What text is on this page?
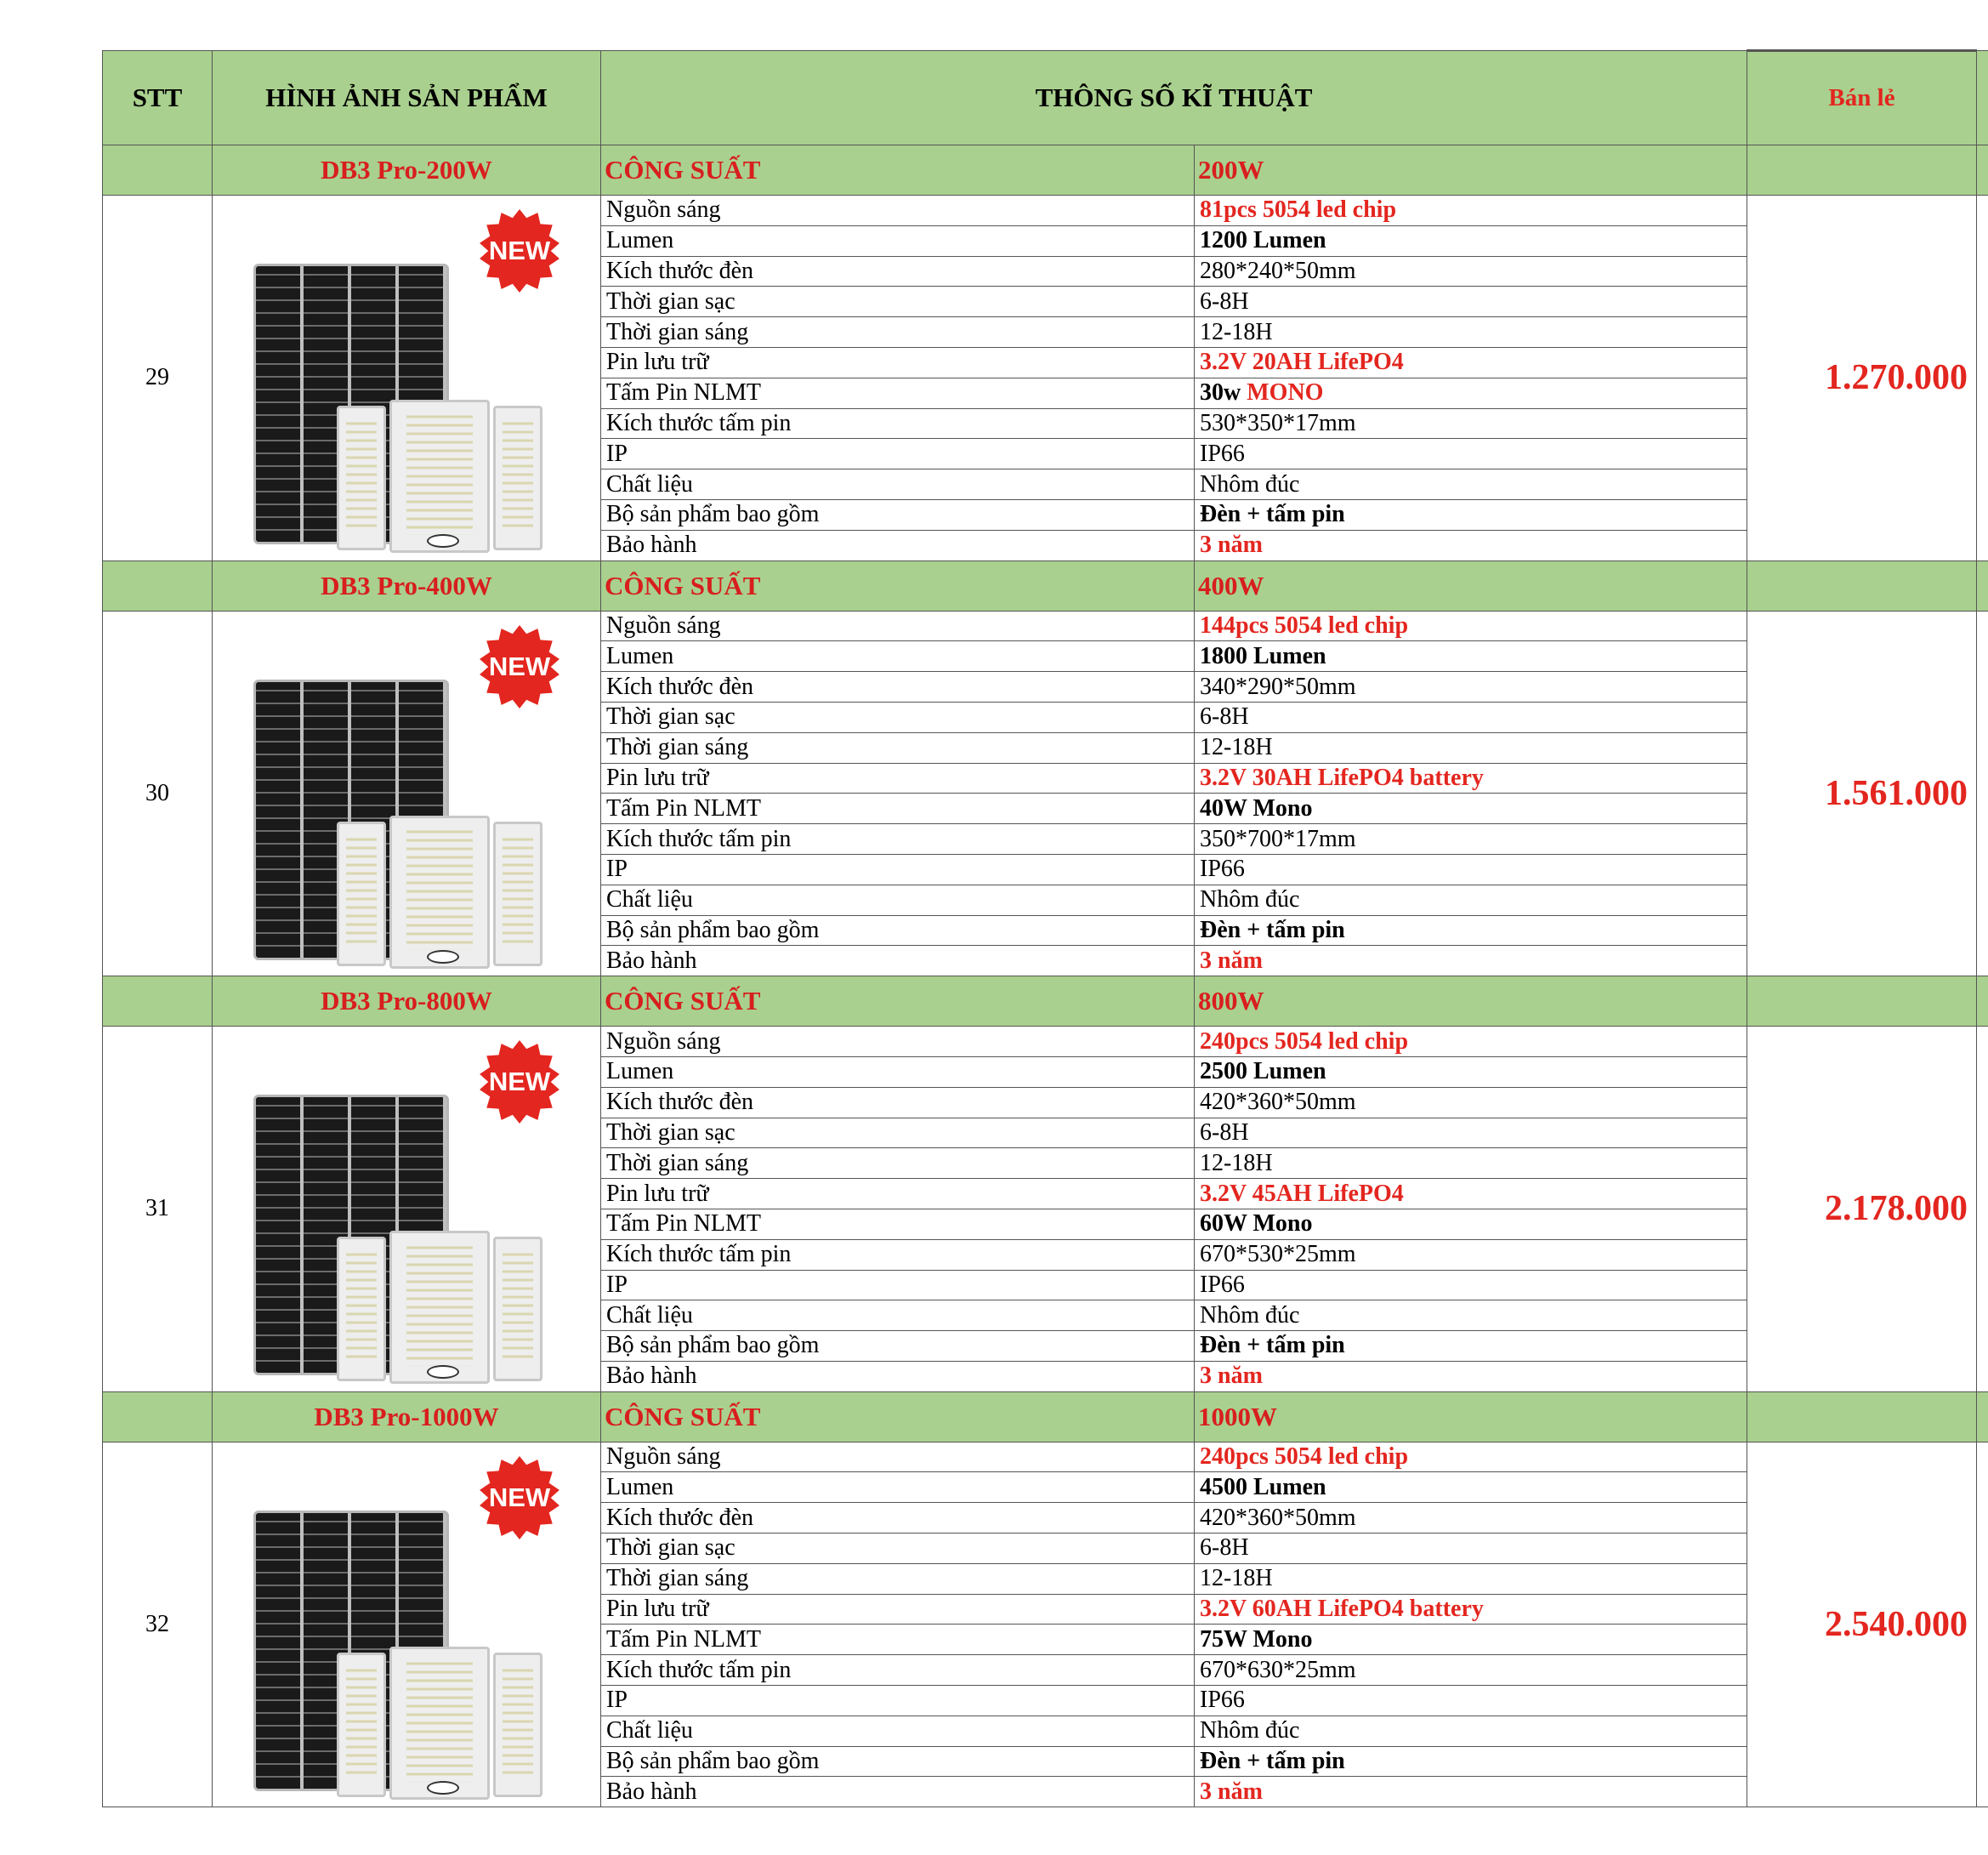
STT	HÌNH ẢNH SẢN PHẨM	THÔNG SỐ KĨ THUẬT		Bán lẻ	
	DB3 Pro-200W	CÔNG SUẤT	200W		
29	NEW	Nguồn sáng	81pcs 5054 led chip	1.270.000	
		Lumen	1200 Lumen		
		Kích thước đèn	280*240*50mm		
		Thời gian sạc	6-8H		
		Thời gian sáng	12-18H		
		Pin lưu trữ	3.2V 20AH LifePO4		
		Tấm Pin NLMT	30w MONO		
		Kích thước tấm pin	530*350*17mm		
		IP	IP66		
		Chất liệu	Nhôm đúc		
		Bộ sản phẩm bao gồm	Đèn + tấm pin		
		Bảo hành	3 năm		
	DB3 Pro-400W	CÔNG SUẤT	400W		
30	NEW	Nguồn sáng	144pcs 5054 led chip	1.561.000	
		Lumen	1800 Lumen		
		Kích thước đèn	340*290*50mm		
		Thời gian sạc	6-8H		
		Thời gian sáng	12-18H		
		Pin lưu trữ	3.2V 30AH LifePO4 battery		
		Tấm Pin NLMT	40W Mono		
		Kích thước tấm pin	350*700*17mm		
		IP	IP66		
		Chất liệu	Nhôm đúc		
		Bộ sản phẩm bao gồm	Đèn + tấm pin		
		Bảo hành	3 năm		
	DB3 Pro-800W	CÔNG SUẤT	800W		
31	NEW	Nguồn sáng	240pcs 5054 led chip	2.178.000	
		Lumen	2500 Lumen		
		Kích thước đèn	420*360*50mm		
		Thời gian sạc	6-8H		
		Thời gian sáng	12-18H		
		Pin lưu trữ	3.2V 45AH LifePO4		
		Tấm Pin NLMT	60W Mono		
		Kích thước tấm pin	670*530*25mm		
		IP	IP66		
		Chất liệu	Nhôm đúc		
		Bộ sản phẩm bao gồm	Đèn + tấm pin		
		Bảo hành	3 năm		
	DB3 Pro-1000W	CÔNG SUẤT	1000W		
32	NEW	Nguồn sáng	240pcs 5054 led chip	2.540.000	
		Lumen	4500 Lumen		
		Kích thước đèn	420*360*50mm		
		Thời gian sạc	6-8H		
		Thời gian sáng	12-18H		
		Pin lưu trữ	3.2V 60AH LifePO4 battery		
		Tấm Pin NLMT	75W Mono		
		Kích thước tấm pin	670*630*25mm		
		IP	IP66		
		Chất liệu	Nhôm đúc		
		Bộ sản phẩm bao gồm	Đèn + tấm pin		
		Bảo hành	3 năm		
